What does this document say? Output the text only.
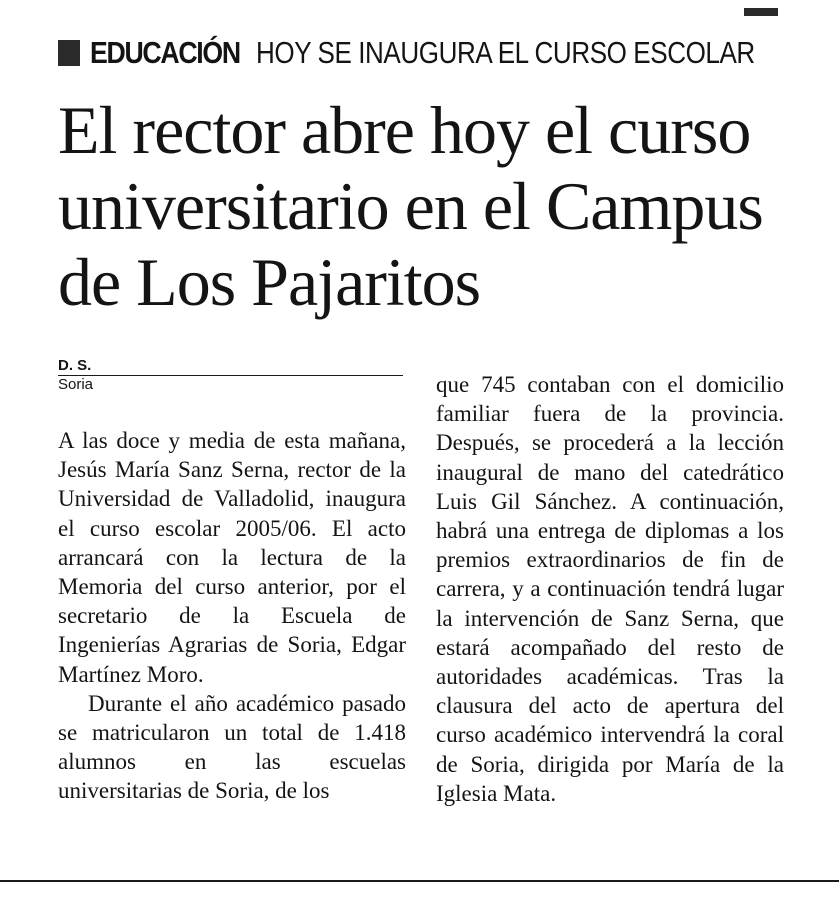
EDUCACIÓN HOY SE INAUGURA EL CURSO ESCOLAR
El rector abre hoy el curso universitario en el Campus de Los Pajaritos
D. S.
Soria

A las doce y media de esta mañana, Jesús María Sanz Serna, rector de la Universidad de Valladolid, inaugura el curso escolar 2005/06. El acto arrancará con la lectura de la Memoria del curso anterior, por el secretario de la Escuela de Ingenierías Agrarias de Soria, Edgar Martínez Moro.

Durante el año académico pasado se matricularon un total de 1.418 alumnos en las escuelas universitarias de Soria, de los

que 745 contaban con el domicilio familiar fuera de la provincia. Después, se procederá a la lección inaugural de mano del catedrático Luis Gil Sánchez. A continuación, habrá una entrega de diplomas a los premios extraordinarios de fin de carrera, y a continuación tendrá lugar la intervención de Sanz Serna, que estará acompañado del resto de autoridades académicas. Tras la clausura del acto de apertura del curso académico intervendrá la coral de Soria, dirigida por María de la Iglesia Mata.
